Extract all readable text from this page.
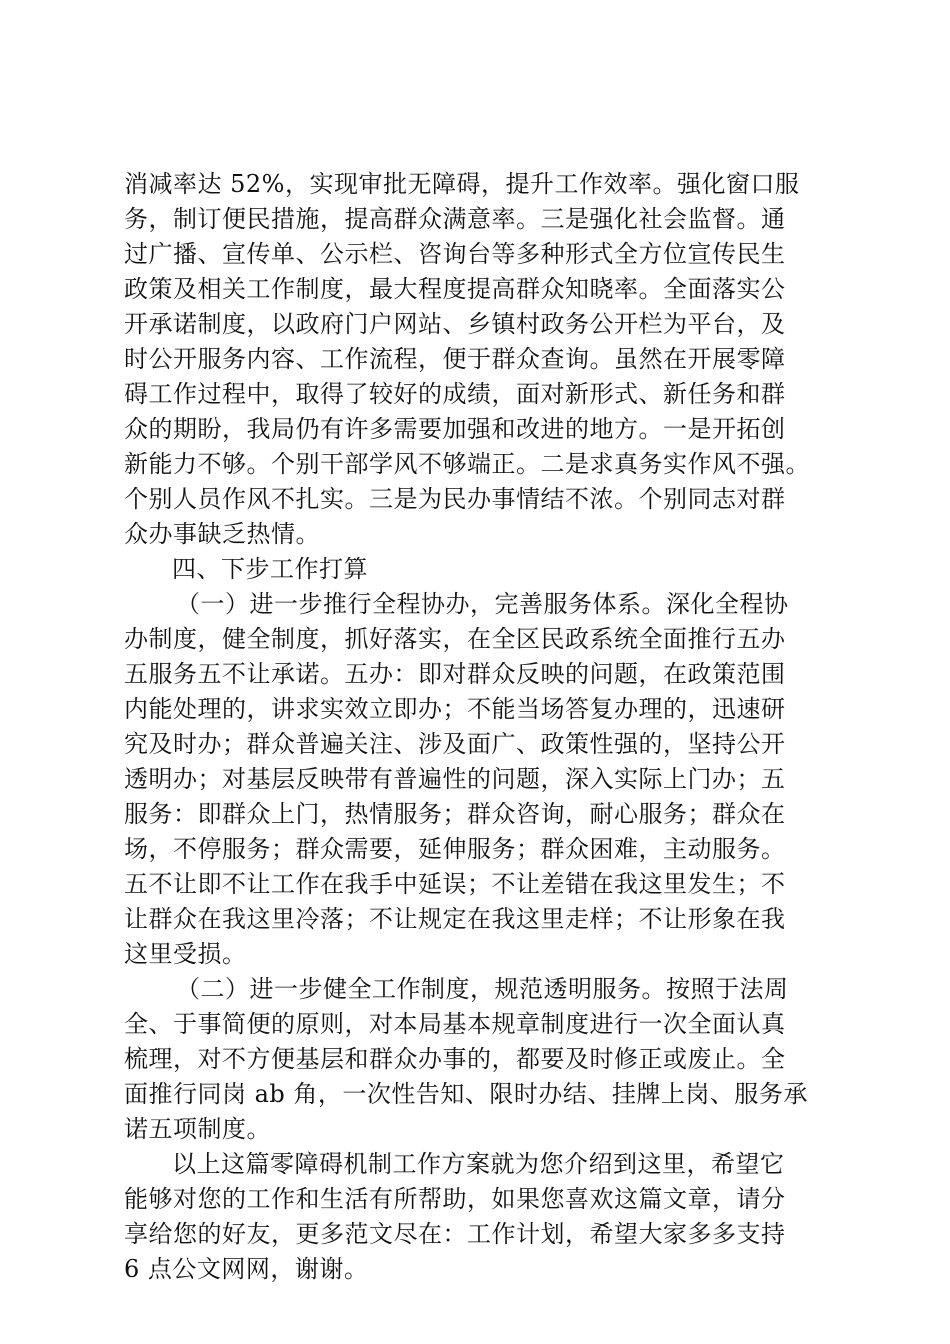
消减率达 52%，实现审批无障碍，提升工作效率。强化窗口服
务，制订便民措施，提高群众满意率。三是强化社会监督。通
过广播、宣传单、公示栏、咨询台等多种形式全方位宣传民生
政策及相关工作制度，最大程度提高群众知晓率。全面落实公
开承诺制度，以政府门户网站、乡镇村政务公开栏为平台，及
时公开服务内容、工作流程，便于群众查询。虽然在开展零障
碍工作过程中，取得了较好的成绩，面对新形式、新任务和群
众的期盼，我局仍有许多需要加强和改进的地方。一是开拓创
新能力不够。个别干部学风不够端正。二是求真务实作风不强。
个别人员作风不扎实。三是为民办事情结不浓。个别同志对群
众办事缺乏热情。
四、下步工作打算
（一）进一步推行全程协办，完善服务体系。深化全程协
办制度，健全制度，抓好落实，在全区民政系统全面推行五办
五服务五不让承诺。五办：即对群众反映的问题，在政策范围
内能处理的，讲求实效立即办；不能当场答复办理的，迅速研
究及时办；群众普遍关注、涉及面广、政策性强的，坚持公开
透明办；对基层反映带有普遍性的问题，深入实际上门办；五
服务：即群众上门，热情服务；群众咨询，耐心服务；群众在
场，不停服务；群众需要，延伸服务；群众困难，主动服务。
五不让即不让工作在我手中延误；不让差错在我这里发生；不
让群众在我这里冷落；不让规定在我这里走样；不让形象在我
这里受损。
（二）进一步健全工作制度，规范透明服务。按照于法周
全、于事简便的原则，对本局基本规章制度进行一次全面认真
梳理，对不方便基层和群众办事的，都要及时修正或废止。全
面推行同岗 ab 角，一次性告知、限时办结、挂牌上岗、服务承
诺五项制度。
以上这篇零障碍机制工作方案就为您介绍到这里，希望它
能够对您的工作和生活有所帮助，如果您喜欢这篇文章，请分
享给您的好友，更多范文尽在：工作计划，希望大家多多支持
6 点公文网网，谢谢。
